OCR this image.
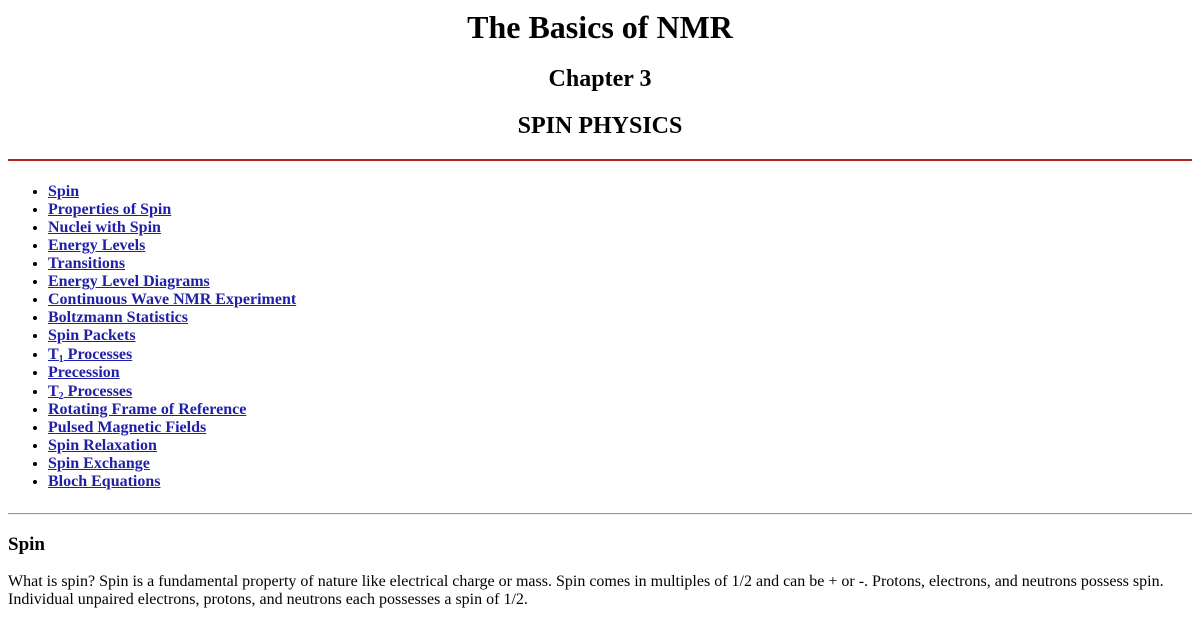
The Basics of NMR
Chapter 3
SPIN PHYSICS
• Spin
• Properties of Spin
• Nuclei with Spin
• Energy Levels
• Transitions
• Energy Level Diagrams
• Continuous Wave NMR Experiment
• Boltzmann Statistics
• Spin Packets
• $T_1$ Processes
• Precession
• $T_2$ Processes
• Rotating Frame of Reference
• Pulsed Magnetic Fields
• Spin Relaxation
• Spin Exchange
• Bloch Equations
Spin

What is spin? Spin is a fundamental property of nature like electrical charge or mass. Spin comes in multiples of 1/2 and can be + or -. Protons, electrons, and neutrons possess spin. Individual unpaired electrons, protons, and neutrons each possesses a spin of 1/2.
